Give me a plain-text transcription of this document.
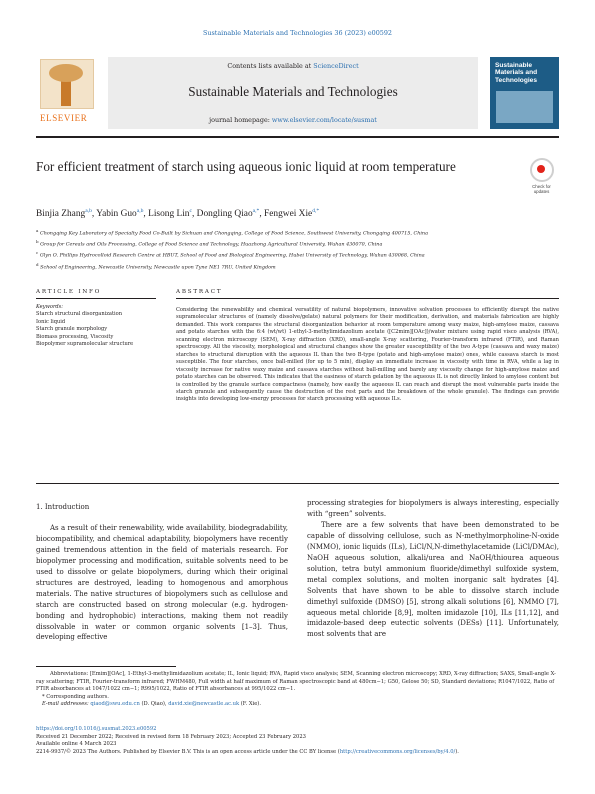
Sustainable Materials and Technologies 36 (2023) e00592
ELSEVIER
Contents lists available at ScienceDirect
Sustainable Materials and Technologies
journal homepage: www.elsevier.com/locate/susmat
Sustainable Materials and Technologies
For efficient treatment of starch using aqueous ionic liquid at room temperature
Check for updates
Binjia Zhang$^{a,b}$, Yabin Guo$^{a,b}$, Lisong Lin$^c$, Dongling Qiao$^{a,*}$, Fengwei Xie$^{d,*}$
$^a$ Chongqing Key Laboratory of Specialty Food Co-Built by Sichuan and Chongqing, College of Food Science, Southwest University, Chongqing 400715, China
$^b$ Group for Cereals and Oils Processing, College of Food Science and Technology, Huazhong Agricultural University, Wuhan 430070, China
$^c$ Glyn O. Phillips Hydrocolloid Research Centre at HBUT, School of Food and Biological Engineering, Hubei University of Technology, Wuhan 430068, China
$^d$ School of Engineering, Newcastle University, Newcastle upon Tyne NE1 7RU, United Kingdom
ARTICLE INFO	ABSTRACT
Keywords:
Starch structural disorganization
Ionic liquid
Starch granule morphology
Biomass processing, Viscosity
Biopolymer supramolecular structure
Considering the renewability and chemical versatility of natural biopolymers, innovative solvation processes to efficiently disrupt the native supramolecular structures of (namely dissolve/gelate) natural polymers for their modification, derivation, and materials fabrication are highly demanded. This work compares the structural disorganization behavior at room temperature among waxy maize, high-amylose maize, cassava and potato starches with the 6:4 (wt/wt) 1-ethyl-3-methylimidazolium acetate ([C2mim][OAc])/water mixture using rapid visco analysis (RVA), scanning electron microscopy (SEM), X-ray diffraction (XRD), small-angle X-ray scattering, Fourier-transform infrared (FTIR), and Raman spectroscopy. All the viscosity, morphological and structural changes show the greater susceptibility of the two A-type (cassava and waxy maize) starches to structural disruption with the aqueous IL than the two B-type (potato and high-amylose maize) ones, while cassava starch is most susceptible. The four starches, once ball-milled (for up to 5 min), display an immediate increase in viscosity with time in RVA, while a lag in viscosity increase for native waxy maize and cassava starches without ball-milling and barely any viscosity change for high-amylose maize and potato starches can be observed. This indicates that the easiness of starch gelation by the aqueous IL is not directly linked to amylose content but is controlled by the granule surface compactness (namely, how easily the aqueous IL can reach and disrupt the most vulnerable parts inside the starch granule and subsequently cause the destruction of the rest parts and the breakdown of the whole granule). The findings can provide insights into developing low-energy processes for starch processing with aqueous ILs.

1. Introduction

As a result of their renewability, wide availability, biodegradability, biocompatibility, and chemical adaptability, biopolymers have recently gained tremendous attention in the field of materials research. For biopolymer processing and modification, suitable solvents need to be used to dissolve or gelate biopolymers, during which their original structures are destroyed, leading to homogenous and amorphous materials. The native structures of biopolymers such as cellulose and starch are constructed based on strong molecular (e.g. hydrogen-bonding and hydrophobic) interactions, making them not readily dissolvable in water or common organic solvents [1–3]. Thus, developing effective

processing strategies for biopolymers is always interesting, especially with “green” solvents.

There are a few solvents that have been demonstrated to be capable of dissolving cellulose, such as N-methylmorpholine-N-oxide (NMMO), ionic liquids (ILs), LiCl/N,N-dimethylacetamide (LiCl/DMAc), NaOH aqueous solution, alkali/urea and NaOH/thiourea aqueous solution, tetra butyl ammonium fluoride/dimethyl sulfoxide system, metal complex solutions, and molten inorganic salt hydrates [4]. Solvents that have shown to be able to dissolve starch include dimethyl sulfoxide (DMSO) [5], strong alkali solutions [6], NMMO [7], aqueous metal chloride [8,9], molten imidazole [10], ILs [11,12], and imidazole-based deep eutectic solvents (DESs) [11]. Unfortunately, most solvents that are

Abbreviations: [Emim][OAc], 1-Ethyl-3-methylimidazolium acetate; IL, Ionic liquid; RVA, Rapid visco analysis; SEM, Scanning electron microscopy; XRD, X-ray diffraction; SAXS, Small-angle X-ray scattering; FTIR, Fourier-transform infrared; FWHM480, Full width at half maximum of Raman spectroscopic band at 480cm−1; G50, Gelose 50; SD, Standard deviations; R1047/1022, Ratio of FTIR absorbances at 1047/1022 cm−1; R995/1022, Ratio of FTIR absorbances at 995/1022 cm−1.

* Corresponding authors.

E-mail addresses: qiaod@swu.edu.cn (D. Qiao), david.xie@newcastle.ac.uk (F. Xie).

https://doi.org/10.1016/j.susmat.2023.e00592
Received 21 December 2022; Received in revised form 18 February 2023; Accepted 23 February 2023
Available online 4 March 2023
2214-9937/© 2023 The Authors. Published by Elsevier B.V. This is an open access article under the CC BY license (http://creativecommons.org/licenses/by/4.0/).
